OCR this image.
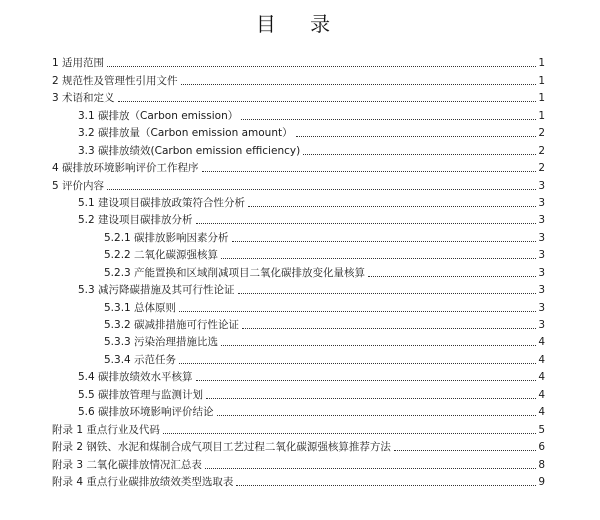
目 录
1 适用范围	1
2 规范性及管理性引用文件	1
3 术语和定义	1
3.1 碳排放（Carbon emission）	1
3.2 碳排放量（Carbon emission amount）	2
3.3 碳排放绩效(Carbon emission efficiency)	2
4 碳排放环境影响评价工作程序	2
5 评价内容	3
5.1 建设项目碳排放政策符合性分析	3
5.2 建设项目碳排放分析	3
5.2.1 碳排放影响因素分析	3
5.2.2 二氧化碳源强核算	3
5.2.3 产能置换和区域削减项目二氧化碳排放变化量核算	3
5.3 减污降碳措施及其可行性论证	3
5.3.1 总体原则	3
5.3.2 碳减排措施可行性论证	3
5.3.3 污染治理措施比选	4
5.3.4 示范任务	4
5.4 碳排放绩效水平核算	4
5.5 碳排放管理与监测计划	4
5.6 碳排放环境影响评价结论	4
附录 1 重点行业及代码	5
附录 2 钢铁、水泥和煤制合成气项目工艺过程二氧化碳源强核算推荐方法	6
附录 3 二氧化碳排放情况汇总表	8
附录 4 重点行业碳排放绩效类型选取表	9
